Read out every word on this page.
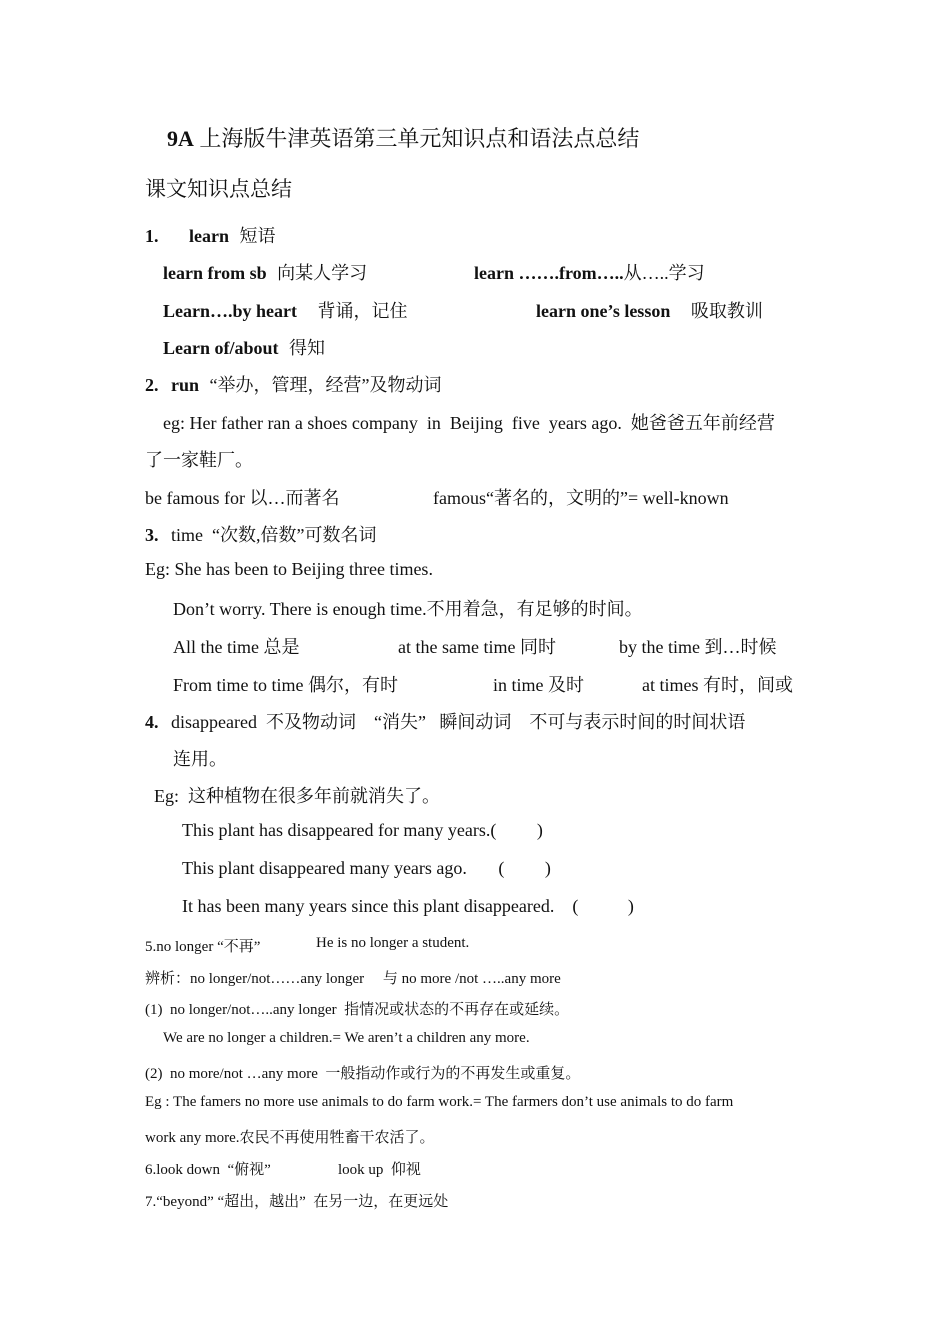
9A 上海版牛津英语第三单元知识点和语法点总结
课文知识点总结
1. learn 短语
learn from sb 向某人学习	learn …….from…..从…..学习
Learn….by heart 背诵，记住	learn one’s lesson 吸取教训
Learn of/about 得知
2. run “举办，管理，经营”及物动词
eg: Her father ran a shoes company  in  Beijing  five  years ago.  她爸爸五年前经营
了一家鞋厂。
be famous for 以…而著名	famous“著名的，文明的”= well-known
3. time  “次数,倍数”可数名词
Eg: She has been to Beijing three times.
Don’t worry. There is enough time.不用着急，有足够的时间。
All the time 总是	at the same time 同时	by the time 到…时候
From time to time 偶尔，有时	in time 及时	at times 有时，间或
4. disappeared  不及物动词    “消失”   瞬间动词    不可与表示时间的时间状语
连用。
Eg:  这种植物在很多年前就消失了。
This plant has disappeared for many years.(         )
This plant disappeared many years ago.       (         )
It has been many years since this plant disappeared.    (           )
5.no longer “不再”	He is no longer a student.
辨析：no longer/not……any longer     与 no more /not …..any more
(1)  no longer/not…..any longer  指情况或状态的不再存在或延续。
We are no longer a children.= We aren’t a children any more.
(2)  no more/not …any more  一般指动作或行为的不再发生或重复。
Eg : The famers no more use animals to do farm work.= The farmers don’t use animals to do farm
work any more.农民不再使用牲畜干农活了。
6.look down  “俯视”	look up  仰视
7.“beyond” “超出，越出”  在另一边，在更远处
